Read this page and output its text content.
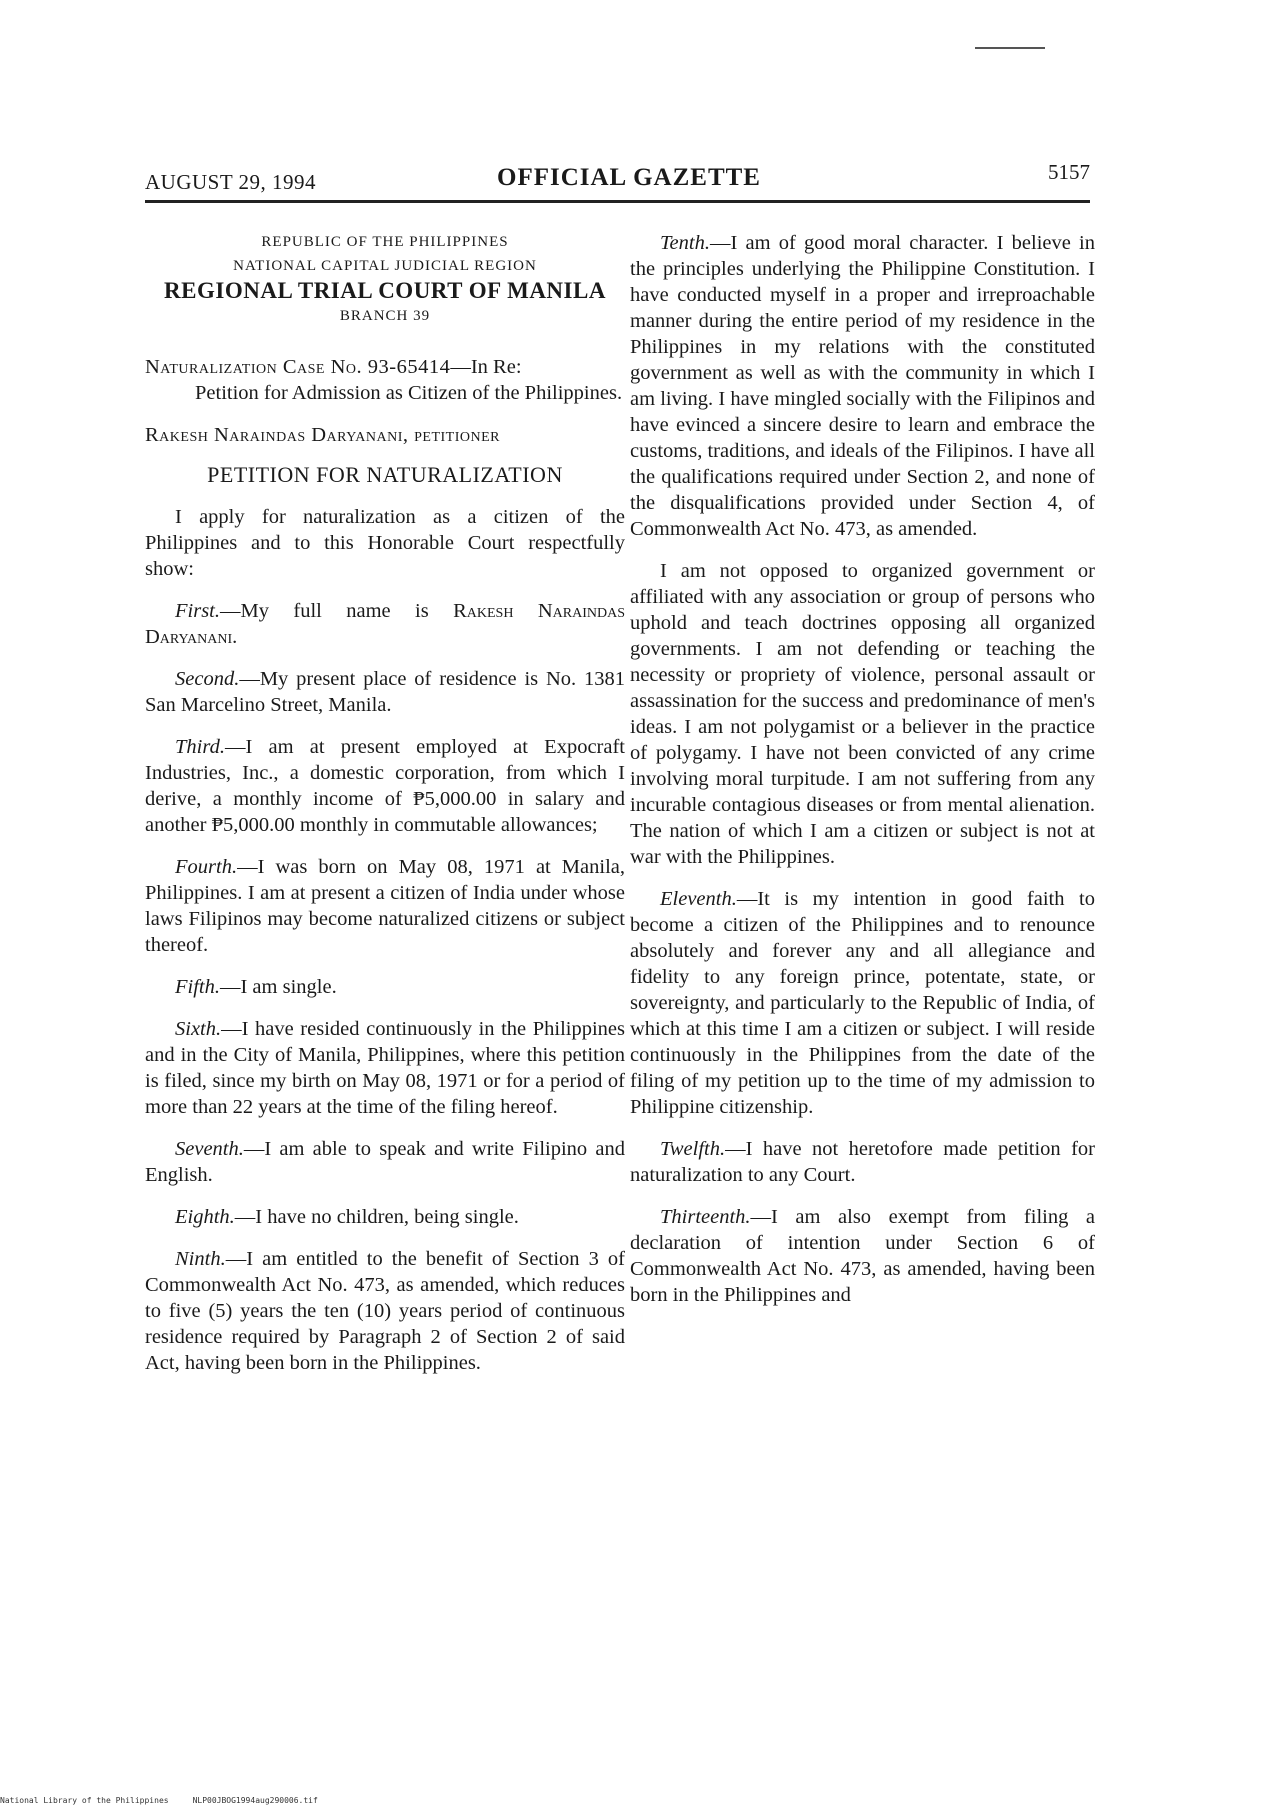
AUGUST 29, 1994	OFFICIAL GAZETTE	5157
REPUBLIC OF THE PHILIPPINES
NATIONAL CAPITAL JUDICIAL REGION
REGIONAL TRIAL COURT OF MANILA
BRANCH 39

Naturalization Case No. 93-65414—In Re:

Petition for Admission as Citizen of the Philippines.

Rakesh Naraindas Daryanani, petitioner

PETITION FOR NATURALIZATION

I apply for naturalization as a citizen of the Philippines and to this Honorable Court respectfully show:

First.—My full name is Rakesh Naraindas Daryanani.

Second.—My present place of residence is No. 1381 San Marcelino Street, Manila.

Third.—I am at present employed at Expocraft Industries, Inc., a domestic corporation, from which I derive, a monthly income of ₱5,000.00 in salary and another ₱5,000.00 monthly in commutable allowances;

Fourth.—I was born on May 08, 1971 at Manila, Philippines. I am at present a citizen of India under whose laws Filipinos may become naturalized citizens or subject thereof.

Fifth.—I am single.

Sixth.—I have resided continuously in the Philippines and in the City of Manila, Philippines, where this petition is filed, since my birth on May 08, 1971 or for a period of more than 22 years at the time of the filing hereof.

Seventh.—I am able to speak and write Filipino and English.

Eighth.—I have no children, being single.

Ninth.—I am entitled to the benefit of Section 3 of Commonwealth Act No. 473, as amended, which reduces to five (5) years the ten (10) years period of continuous residence required by Paragraph 2 of Section 2 of said Act, having been born in the Philippines.

Tenth.—I am of good moral character. I believe in the principles underlying the Philippine Constitution. I have conducted myself in a proper and irreproachable manner during the entire period of my residence in the Philippines in my relations with the constituted government as well as with the community in which I am living. I have mingled socially with the Filipinos and have evinced a sincere desire to learn and embrace the customs, traditions, and ideals of the Filipinos. I have all the qualifications required under Section 2, and none of the disqualifications provided under Section 4, of Commonwealth Act No. 473, as amended.

I am not opposed to organized government or affiliated with any association or group of persons who uphold and teach doctrines opposing all organized governments. I am not defending or teaching the necessity or propriety of violence, personal assault or assassination for the success and predominance of men's ideas. I am not polygamist or a believer in the practice of polygamy. I have not been convicted of any crime involving moral turpitude. I am not suffering from any incurable contagious diseases or from mental alienation. The nation of which I am a citizen or subject is not at war with the Philippines.

Eleventh.—It is my intention in good faith to become a citizen of the Philippines and to renounce absolutely and forever any and all allegiance and fidelity to any foreign prince, potentate, state, or sovereignty, and particularly to the Republic of India, of which at this time I am a citizen or subject. I will reside continuously in the Philippines from the date of the filing of my petition up to the time of my admission to Philippine citizenship.

Twelfth.—I have not heretofore made petition for naturalization to any Court.

Thirteenth.—I am also exempt from filing a declaration of intention under Section 6 of Commonwealth Act No. 473, as amended, having been born in the Philippines and

National Library of the Philippines	NLP00JBOG1994aug290006.tif
